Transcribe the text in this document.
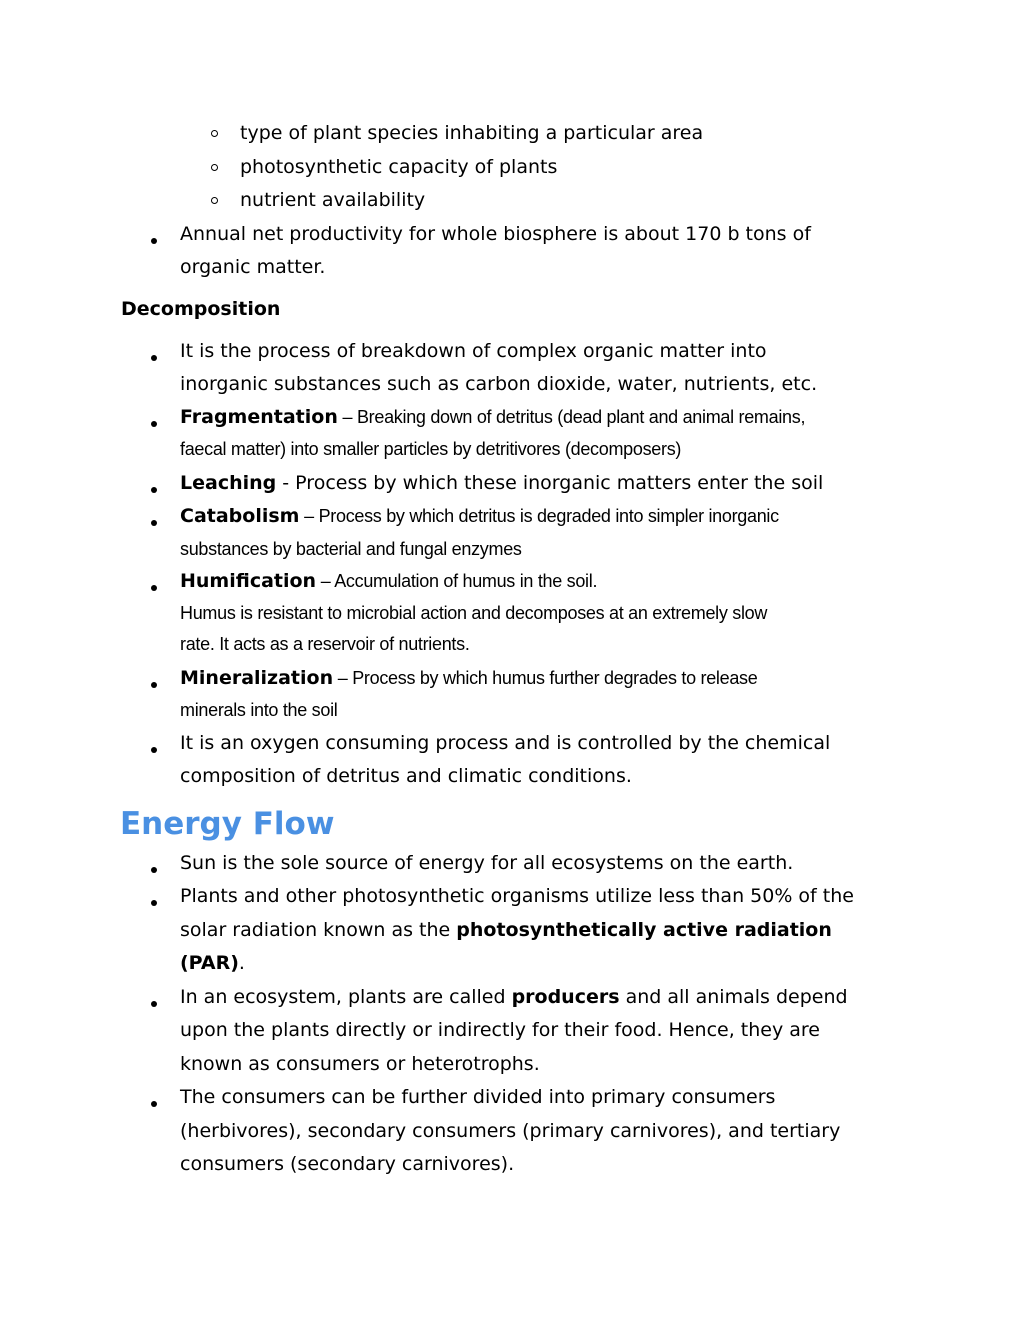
type of plant species inhabiting a particular area
photosynthetic capacity of plants
nutrient availability
Annual net productivity for whole biosphere is about 170 b tons of
organic matter.
Decomposition
It is the process of breakdown of complex organic matter into
inorganic substances such as carbon dioxide, water, nutrients, etc.
Fragmentation – Breaking down of detritus (dead plant and animal remains,
faecal matter) into smaller particles by detritivores (decomposers)
Leaching - Process by which these inorganic matters enter the soil
Catabolism – Process by which detritus is degraded into simpler inorganic
substances by bacterial and fungal enzymes
Humification – Accumulation of humus in the soil.
Humus is resistant to microbial action and decomposes at an extremely slow
rate. It acts as a reservoir of nutrients.
Mineralization – Process by which humus further degrades to release
minerals into the soil
It is an oxygen consuming process and is controlled by the chemical
composition of detritus and climatic conditions.
Energy Flow
Sun is the sole source of energy for all ecosystems on the earth.
Plants and other photosynthetic organisms utilize less than 50% of the
solar radiation known as the photosynthetically active radiation
(PAR).
In an ecosystem, plants are called producers and all animals depend
upon the plants directly or indirectly for their food. Hence, they are
known as consumers or heterotrophs.
The consumers can be further divided into primary consumers
(herbivores), secondary consumers (primary carnivores), and tertiary
consumers (secondary carnivores).
